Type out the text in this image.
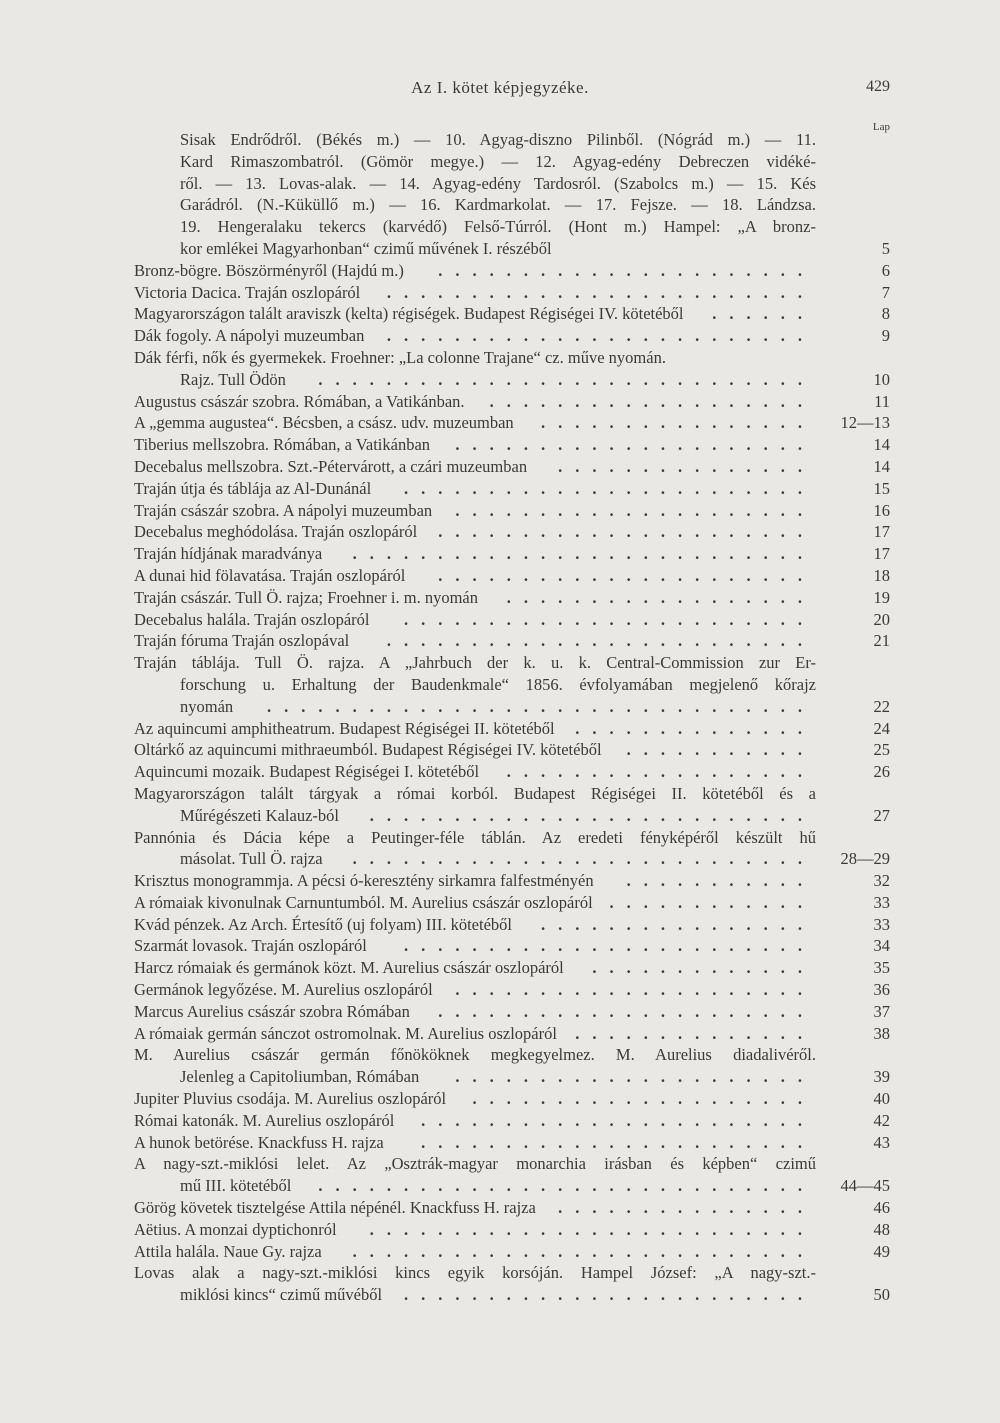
Az I. kötet képjegyzéke.	429
Lap
Sisak Endrődről. (Békés m.) — 10. Agyag-diszno Pilinből. (Nógrád m.) — 11.
Kard Rimaszombatról. (Gömör megye.) — 12. Agyag-edény Debreczen vidéké-
ről. — 13. Lovas-alak. — 14. Agyag-edény Tardosról. (Szabolcs m.) — 15. Kés
Garádról. (N.-Küküllő m.) — 16. Kardmarkolat. — 17. Fejsze. — 18. Lándzsa.
19. Hengeralaku tekercs (karvédő) Felső-Túrról. (Hont m.) Hampel: „A bronz-
kor emlékei Magyarhonban“ czimű művének I. részéből	5
Bronz-bögre. Böszörményről (Hajdú m.) ......................	6
Victoria Dacica. Traján oszlopáról .........................	7
Magyarországon talált araviszk (kelta) régiségek. Budapest Régiségei IV. kötetéből ......	8
Dák fogoly. A nápolyi muzeumban .........................	9
Dák férfi, nők és gyermekek. Froehner: „La colonne Trajane“ cz. műve nyomán.
Rajz. Tull Ödön .............................	10
Augustus császár szobra. Rómában, a Vatikánban. ...................	11
A „gemma augustea“. Bécsben, a csász. udv. muzeumban ................	12—13
Tiberius mellszobra. Rómában, a Vatikánban .....................	14
Decebalus mellszobra. Szt.-Pétervárott, a czári muzeumban ...............	14
Traján útja és táblája az Al-Dunánál ........................	15
Traján császár szobra. A nápolyi muzeumban .....................	16
Decebalus meghódolása. Traján oszlopáról ......................	17
Traján hídjának maradványa ...........................	17
A dunai hid fölavatása. Traján oszlopáról ......................	18
Traján császár. Tull Ö. rajza; Froehner i. m. nyomán ..................	19
Decebalus halála. Traján oszlopáról ........................	20
Traján fóruma Traján oszlopával .........................	21
Traján táblája. Tull Ö. rajza. A „Jahrbuch der k. u. k. Central-Commission zur Er-
forschung u. Erhaltung der Baudenkmale“ 1856. évfolyamában megjelenő kőrajz
nyomán ................................	22
Az aquincumi amphitheatrum. Budapest Régiségei II. kötetéből ..............	24
Oltárkő az aquincumi mithraeumból. Budapest Régiségei IV. kötetéből ...........	25
Aquincumi mozaik. Budapest Régiségei I. kötetéből ..................	26
Magyarországon talált tárgyak a római korból. Budapest Régiségei II. kötetéből és a
Műrégészeti Kalauz-ból ..........................	27
Pannónia és Dácia képe a Peutinger-féle táblán. Az eredeti fényképéről készült hű
másolat. Tull Ö. rajza ...........................	28—29
Krisztus monogrammja. A pécsi ó-keresztény sirkamra falfestményén ...........	32
A rómaiak kivonulnak Carnuntumból. M. Aurelius császár oszlopáról ............	33
Kvád pénzek. Az Arch. Értesítő (uj folyam) III. kötetéből ................	33
Szarmát lovasok. Traján oszlopáról ........................	34
Harcz rómaiak és germánok közt. M. Aurelius császár oszlopáról .............	35
Germánok legyőzése. M. Aurelius oszlopáról .....................	36
Marcus Aurelius császár szobra Rómában ......................	37
A rómaiak germán sánczot ostromolnak. M. Aurelius oszlopáról ..............	38
M. Aurelius császár germán főnököknek megkegyelmez. M. Aurelius diadalivéről.
Jelenleg a Capitoliumban, Rómában .....................	39
Jupiter Pluvius csodája. M. Aurelius oszlopáról ....................	40
Római katonák. M. Aurelius oszlopáról .......................	42
A hunok betörése. Knackfuss H. rajza .......................	43
A nagy-szt.-miklósi lelet. Az „Osztrák-magyar monarchia irásban és képben“ czimű
mű III. kötetéből .............................	44—45
Görög követek tisztelgése Attila népénél. Knackfuss H. rajza ...............	46
Aëtius. A monzai dyptichonról ..........................	48
Attila halála. Naue Gy. rajza ...........................	49
Lovas alak a nagy-szt.-miklósi kincs egyik korsóján. Hampel József: „A nagy-szt.-
miklósi kincs“ czimű művéből ........................	50
